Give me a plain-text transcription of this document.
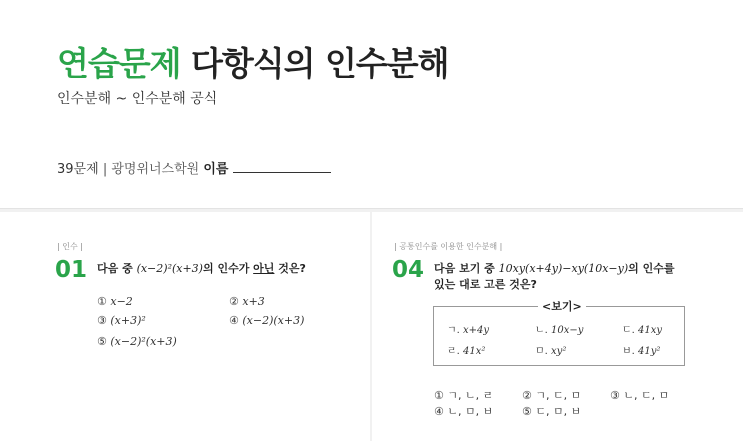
연습문제 다항식의 인수분해
인수분해 ~ 인수분해 공식
39문제 | 광명위너스학원 이름
| 인수 |
01 다음 중 (x−2)²(x+3)의 인수가 아닌 것은?
① x−2	② x+3
③ (x+3)²	④ (x−2)(x+3)
⑤ (x−2)²(x+3)
| 공통인수를 이용한 인수분해 |
04 다음 보기 중 10xy(x+4y)−xy(10x−y)의 인수를
있는 대로 고른 것은?
<보기>
ㄱ. x+4y	ㄴ. 10x−y	ㄷ. 41xy
ㄹ. 41x²	ㅁ. xy²	ㅂ. 41y²
① ㄱ, ㄴ, ㄹ	② ㄱ, ㄷ, ㅁ	③ ㄴ, ㄷ, ㅁ
④ ㄴ, ㅁ, ㅂ	⑤ ㄷ, ㅁ, ㅂ
